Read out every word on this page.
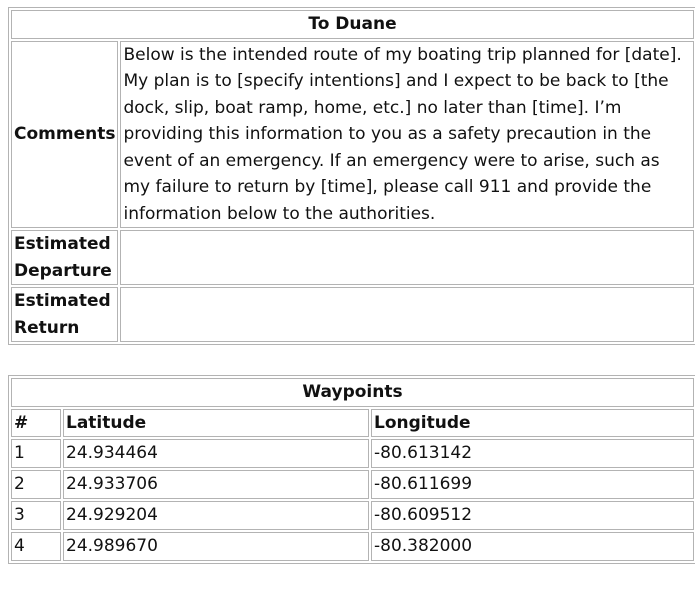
To Duane	
Comments	Below is the intended route of my boating trip planned for [date]. My plan is to [specify intentions] and I expect to be back to [the dock, slip, boat ramp, home, etc.] no later than [time]. I’m providing this information to you as a safety precaution in the event of an emergency. If an emergency were to arise, such as my failure to return by [time], please call 911 and provide the information below to the authorities.
Estimated Departure	
Estimated Return	
Waypoints		
#	Latitude	Longitude
1	24.934464	-80.613142
2	24.933706	-80.611699
3	24.929204	-80.609512
4	24.989670	-80.382000
